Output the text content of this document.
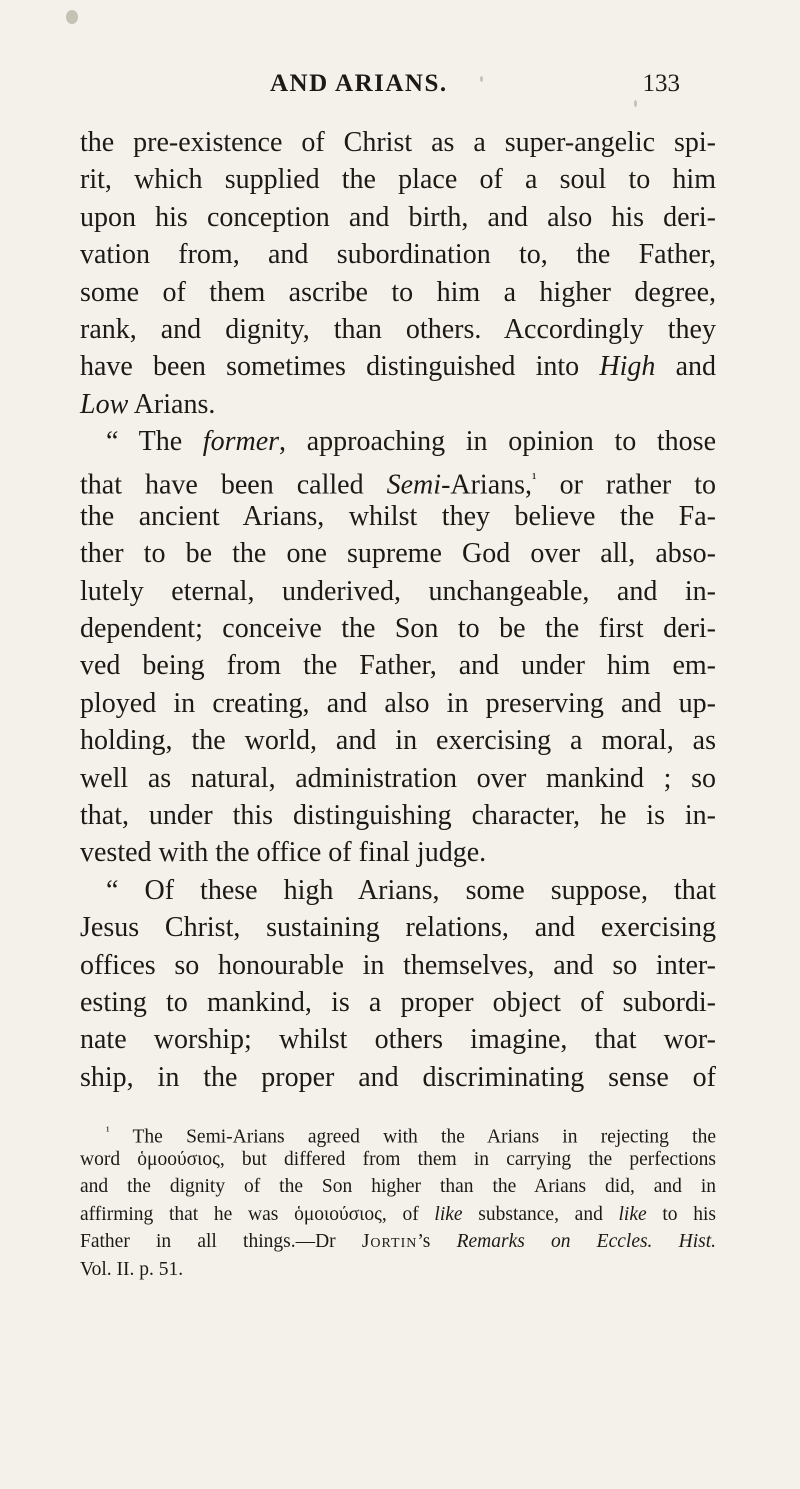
AND ARIANS.	133
the pre-existence of Christ as a super-angelic spi-
rit, which supplied the place of a soul to him
upon his conception and birth, and also his deri-
vation from, and subordination to, the Father,
some of them ascribe to him a higher degree,
rank, and dignity, than others. Accordingly they
have been sometimes distinguished into High and
Low Arians.
“ The former, approaching in opinion to those
that have been called Semi-Arians,$^{^1}$ or rather to
the ancient Arians, whilst they believe the Fa-
ther to be the one supreme God over all, abso-
lutely eternal, underived, unchangeable, and in-
dependent; conceive the Son to be the first deri-
ved being from the Father, and under him em-
ployed in creating, and also in preserving and up-
holding, the world, and in exercising a moral, as
well as natural, administration over mankind ; so
that, under this distinguishing character, he is in-
vested with the office of final judge.
“ Of these high Arians, some suppose, that
Jesus Christ, sustaining relations, and exercising
offices so honourable in themselves, and so inter-
esting to mankind, is a proper object of subordi-
nate worship; whilst others imagine, that wor-
ship, in the proper and discriminating sense of
$^{^1}$ The Semi-Arians agreed with the Arians in rejecting the
word ὁμοούσιος, but differed from them in carrying the perfections
and the dignity of the Son higher than the Arians did, and in
affirming that he was ὁμοιούσιος, of like substance, and like to his
Father in all things.—Dr Jortin’s Remarks on Eccles. Hist.
Vol. II. p. 51.
